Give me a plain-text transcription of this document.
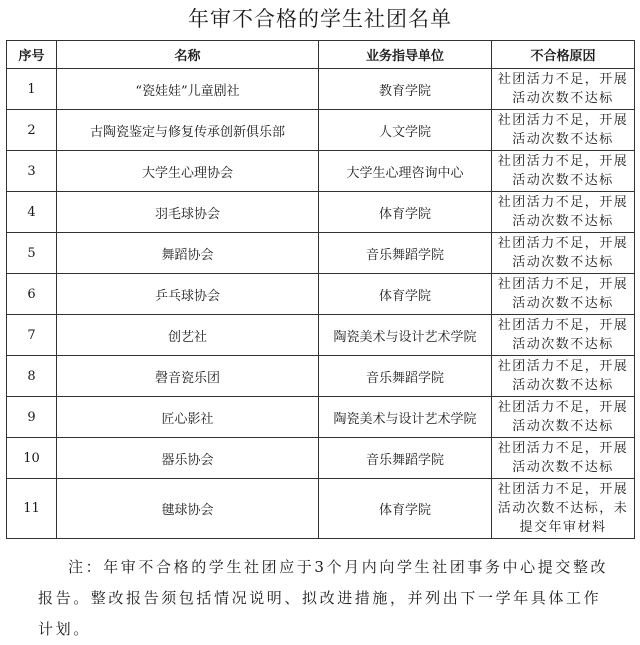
年审不合格的学生社团名单
序号	名称	业务指导单位	不合格原因
1	“瓷娃娃”儿童剧社	教育学院	社团活力不足，开展活动次数不达标
2	古陶瓷鉴定与修复传承创新俱乐部	人文学院	社团活力不足，开展活动次数不达标
3	大学生心理协会	大学生心理咨询中心	社团活力不足，开展活动次数不达标
4	羽毛球协会	体育学院	社团活力不足，开展活动次数不达标
5	舞蹈协会	音乐舞蹈学院	社团活力不足，开展活动次数不达标
6	乒乓球协会	体育学院	社团活力不足，开展活动次数不达标
7	创艺社	陶瓷美术与设计艺术学院	社团活力不足，开展活动次数不达标
8	磬音瓷乐团	音乐舞蹈学院	社团活力不足，开展活动次数不达标
9	匠心影社	陶瓷美术与设计艺术学院	社团活力不足，开展活动次数不达标
10	器乐协会	音乐舞蹈学院	社团活力不足，开展活动次数不达标
11	毽球协会	体育学院	社团活力不足，开展活动次数不达标，未提交年审材料
注：年审不合格的学生社团应于3个月内向学生社团事务中心提交整改报告。整改报告须包括情况说明、拟改进措施，并列出下一学年具体工作计划。
